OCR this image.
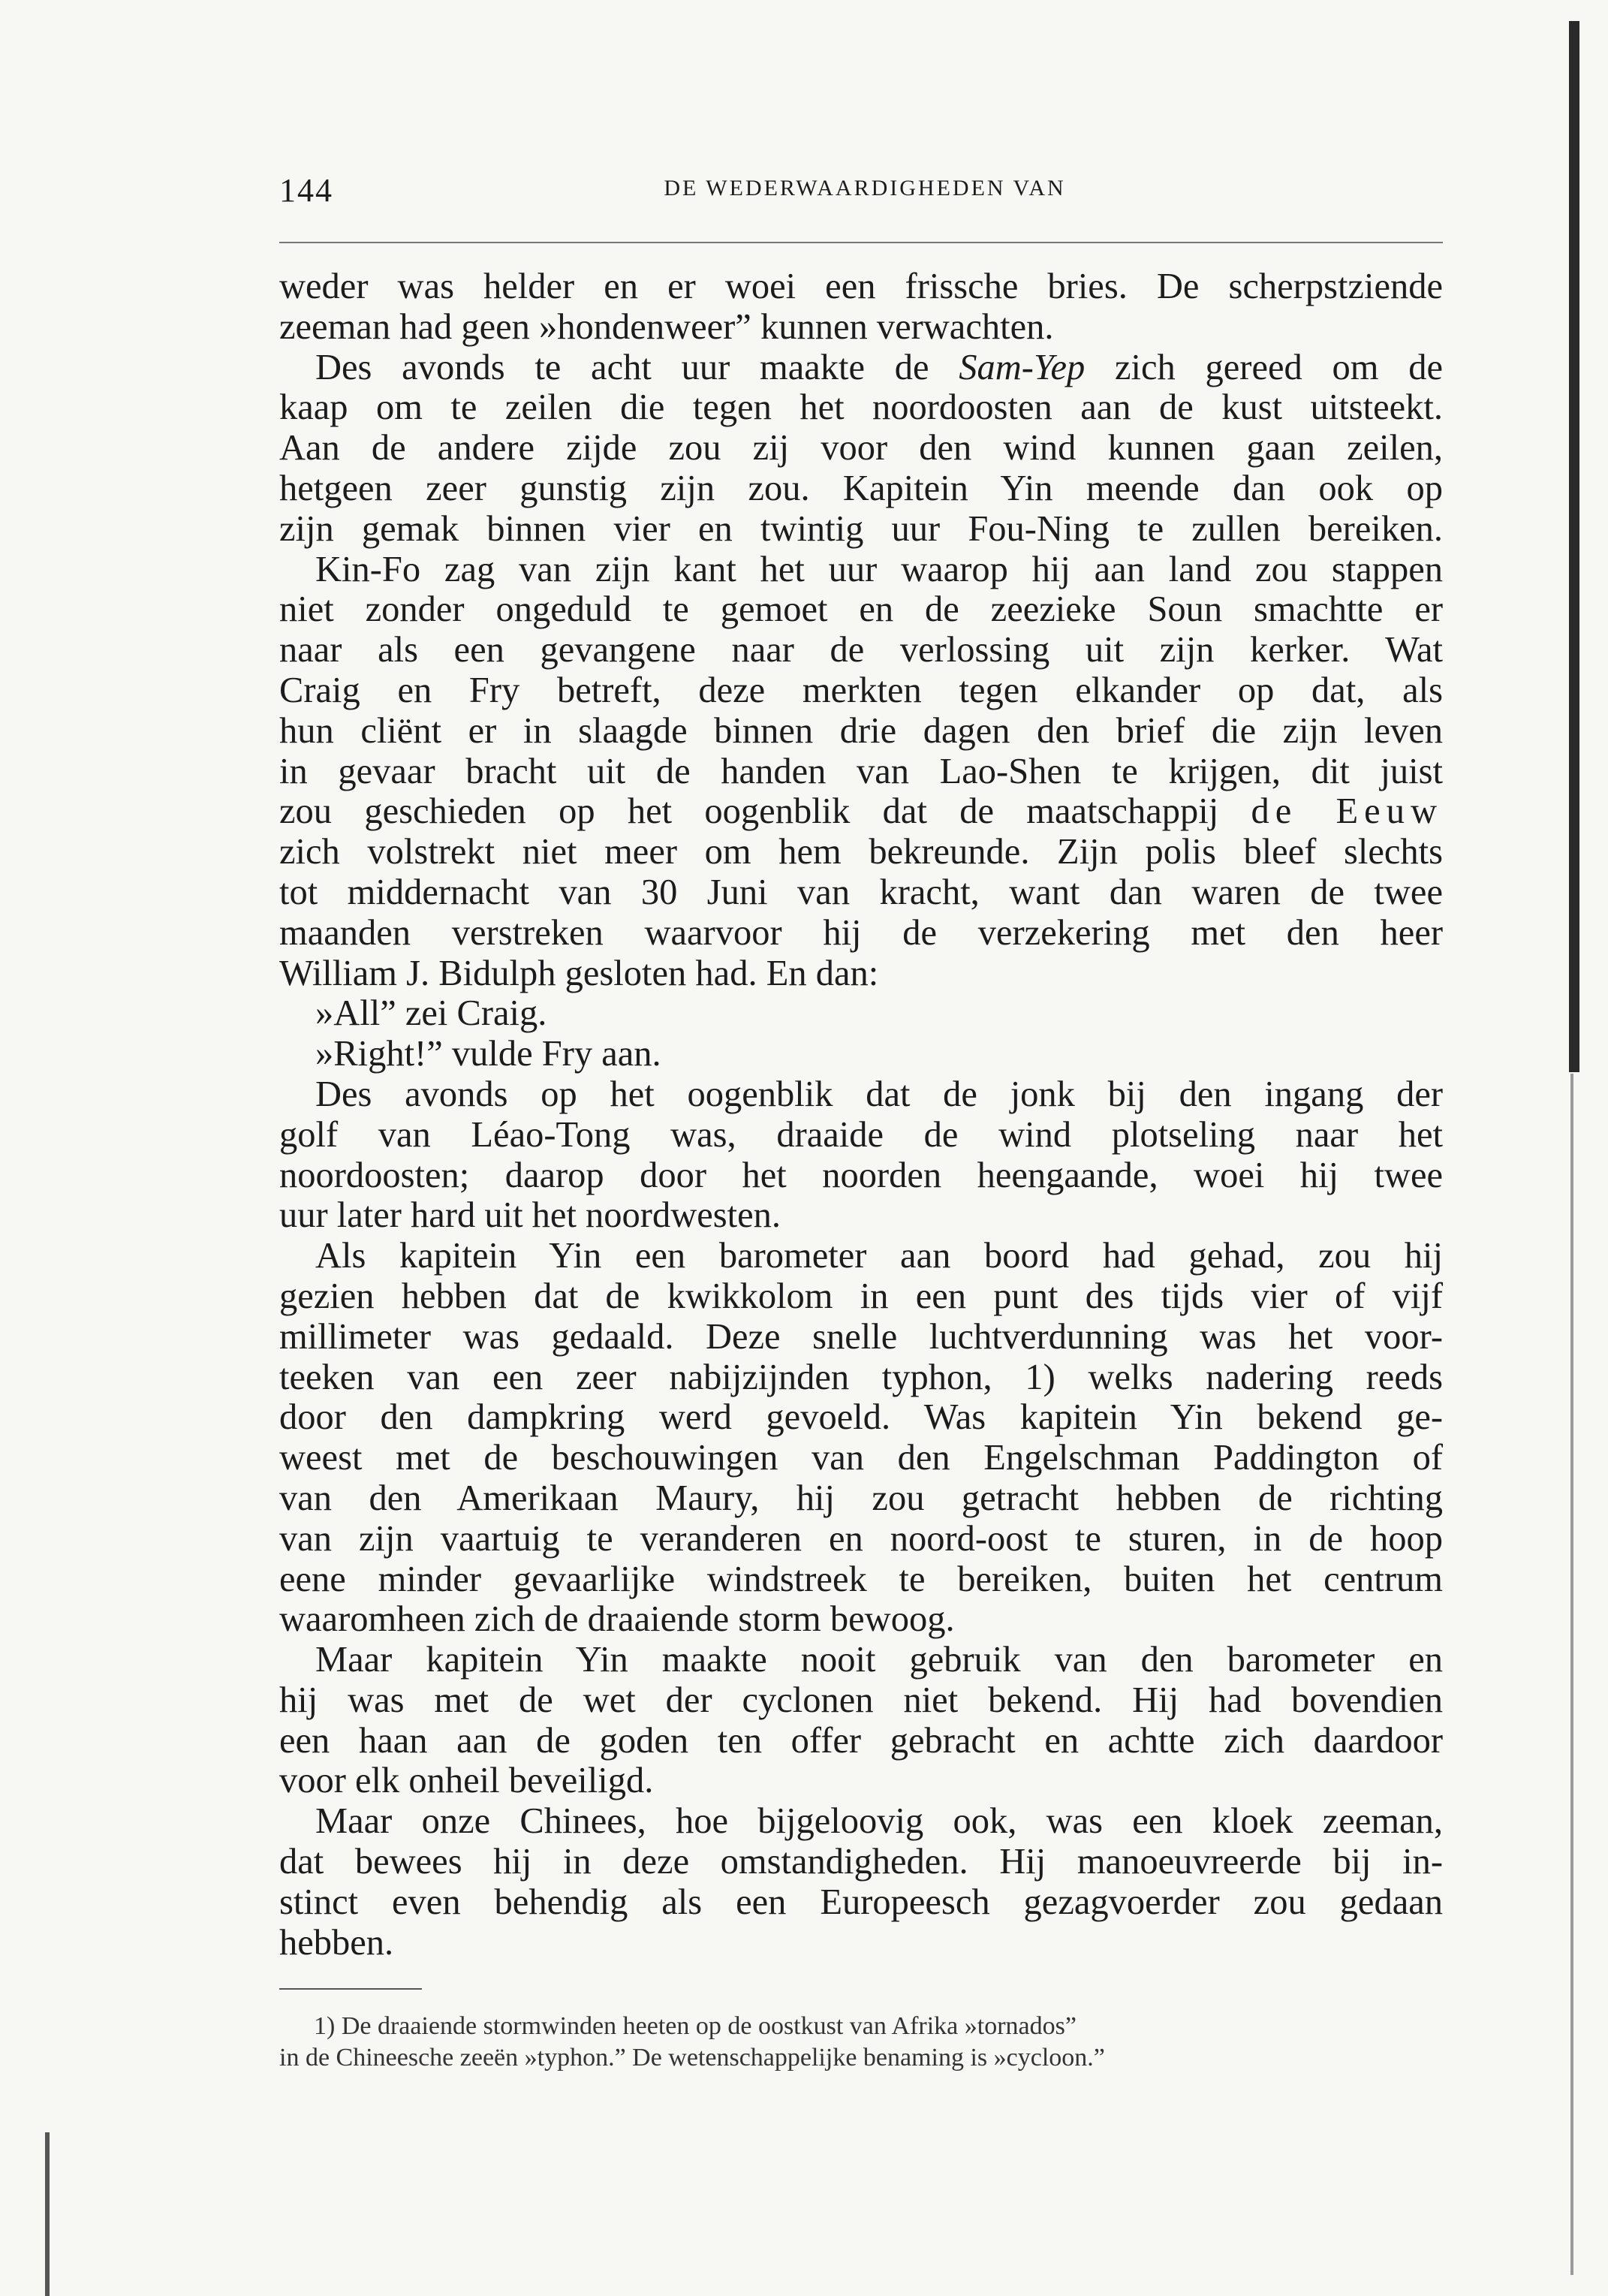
144	DE WEDERWAARDIGHEDEN VAN
weder was helder en er woei een frissche bries. De scherpstziende
zeeman had geen »hondenweer” kunnen verwachten.
Des avonds te acht uur maakte de Sam-Yep zich gereed om de
kaap om te zeilen die tegen het noordoosten aan de kust uitsteekt.
Aan de andere zijde zou zij voor den wind kunnen gaan zeilen,
hetgeen zeer gunstig zijn zou. Kapitein Yin meende dan ook op
zijn gemak binnen vier en twintig uur Fou-Ning te zullen bereiken.
Kin-Fo zag van zijn kant het uur waarop hij aan land zou stappen
niet zonder ongeduld te gemoet en de zeezieke Soun smachtte er
naar als een gevangene naar de verlossing uit zijn kerker. Wat
Craig en Fry betreft, deze merkten tegen elkander op dat, als
hun cliënt er in slaagde binnen drie dagen den brief die zijn leven
in gevaar bracht uit de handen van Lao-Shen te krijgen, dit juist
zou geschieden op het oogenblik dat de maatschappij de Eeuw
zich volstrekt niet meer om hem bekreunde. Zijn polis bleef slechts
tot middernacht van 30 Juni van kracht, want dan waren de twee
maanden verstreken waarvoor hij de verzekering met den heer
William J. Bidulph gesloten had. En dan:
»All” zei Craig.
»Right!” vulde Fry aan.
Des avonds op het oogenblik dat de jonk bij den ingang der
golf van Léao-Tong was, draaide de wind plotseling naar het
noordoosten; daarop door het noorden heengaande, woei hij twee
uur later hard uit het noordwesten.
Als kapitein Yin een barometer aan boord had gehad, zou hij
gezien hebben dat de kwikkolom in een punt des tijds vier of vijf
millimeter was gedaald. Deze snelle luchtverdunning was het voor-
teeken van een zeer nabijzijnden typhon, 1) welks nadering reeds
door den dampkring werd gevoeld. Was kapitein Yin bekend ge-
weest met de beschouwingen van den Engelschman Paddington of
van den Amerikaan Maury, hij zou getracht hebben de richting
van zijn vaartuig te veranderen en noord-oost te sturen, in de hoop
eene minder gevaarlijke windstreek te bereiken, buiten het centrum
waaromheen zich de draaiende storm bewoog.
Maar kapitein Yin maakte nooit gebruik van den barometer en
hij was met de wet der cyclonen niet bekend. Hij had bovendien
een haan aan de goden ten offer gebracht en achtte zich daardoor
voor elk onheil beveiligd.
Maar onze Chinees, hoe bijgeloovig ook, was een kloek zeeman,
dat bewees hij in deze omstandigheden. Hij manoeuvreerde bij in-
stinct even behendig als een Europeesch gezagvoerder zou gedaan
hebben.
1) De draaiende stormwinden heeten op de oostkust van Afrika »tornados”
in de Chineesche zeeën »typhon.” De wetenschappelijke benaming is »cycloon.”
